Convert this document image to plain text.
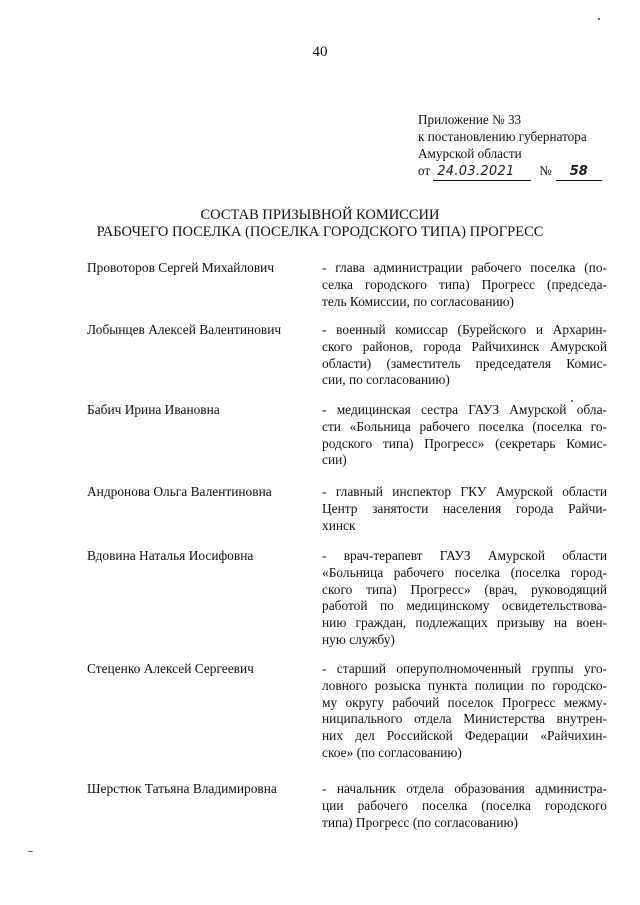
40
Приложение № 33
к постановлению губернатора
Амурской области
от 24.03.2021	№	58
СОСТАВ ПРИЗЫВНОЙ КОМИССИИ
РАБОЧЕГО ПОСЕЛКА (ПОСЕЛКА ГОРОДСКОГО ТИПА) ПРОГРЕСС
Провоторов Сергей Михайлович	- глава администрации рабочего поселка (по-
селка городского типа) Прогресс (председа-
тель Комиссии, по согласованию)
Лобынцев Алексей Валентинович	- военный комиссар (Бурейского и Архарин-
ского районов, города Райчихинск Амурской
области) (заместитель председателя Комис-
сии, по согласованию)
Бабич Ирина Ивановна	- медицинская сестра ГАУЗ Амурской обла-
сти «Больница рабочего поселка (поселка го-
родского типа) Прогресс» (секретарь Комис-
сии)
Андронова Ольга Валентиновна	- главный инспектор ГКУ Амурской области
Центр занятости населения города Райчи-
хинск
Вдовина Наталья Иосифовна	- врач-терапевт ГАУЗ Амурской области
«Больница рабочего поселка (поселка город-
ского типа) Прогресс» (врач, руководящий
работой по медицинскому освидетельствова-
нию граждан, подлежащих призыву на воен-
ную службу)
Стеценко Алексей Сергеевич	- старший оперуполномоченный группы уго-
ловного розыска пункта полиции по городско-
му округу рабочий поселок Прогресс межму-
ниципального отдела Министерства внутрен-
них дел Российской Федерации «Райчихин-
ское» (по согласованию)
Шерстюк Татьяна Владимировна	- начальник отдела образования администра-
ции рабочего поселка (поселка городского
типа) Прогресс (по согласованию)
